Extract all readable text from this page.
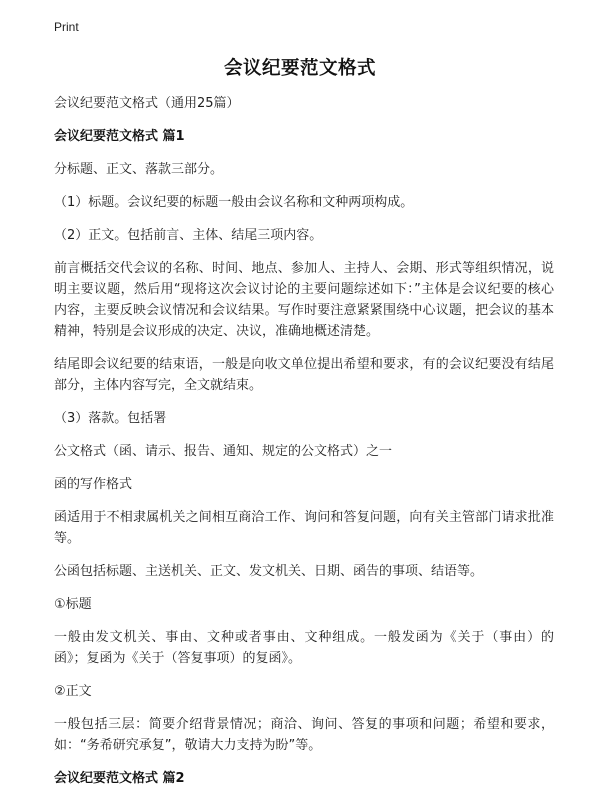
Print
会议纪要范文格式
会议纪要范文格式（通用25篇）
会议纪要范文格式 篇1
分标题、正文、落款三部分。
（1）标题。会议纪要的标题一般由会议名称和文种两项构成。
（2）正文。包括前言、主体、结尾三项内容。
前言概括交代会议的名称、时间、地点、参加人、主持人、会期、形式等组织情况，说明主要议题，然后用“现将这次会议讨论的主要问题综述如下：”主体是会议纪要的核心内容，主要反映会议情况和会议结果。写作时要注意紧紧围绕中心议题，把会议的基本精神，特别是会议形成的决定、决议，准确地概述清楚。
结尾即会议纪要的结束语，一般是向收文单位提出希望和要求，有的会议纪要没有结尾部分，主体内容写完，全文就结束。
（3）落款。包括署
公文格式（函、请示、报告、通知、规定的公文格式）之一
函的写作格式
函适用于不相隶属机关之间相互商洽工作、询问和答复问题，向有关主管部门请求批准等。
公函包括标题、主送机关、正文、发文机关、日期、函告的事项、结语等。
①标题
一般由发文机关、事由、文种或者事由、文种组成。一般发函为《关于（事由）的函》；复函为《关于（答复事项）的复函》。
②正文
一般包括三层：简要介绍背景情况；商洽、询问、答复的事项和问题；希望和要求，如：“务希研究承复”，敬请大力支持为盼”等。
会议纪要范文格式 篇2
